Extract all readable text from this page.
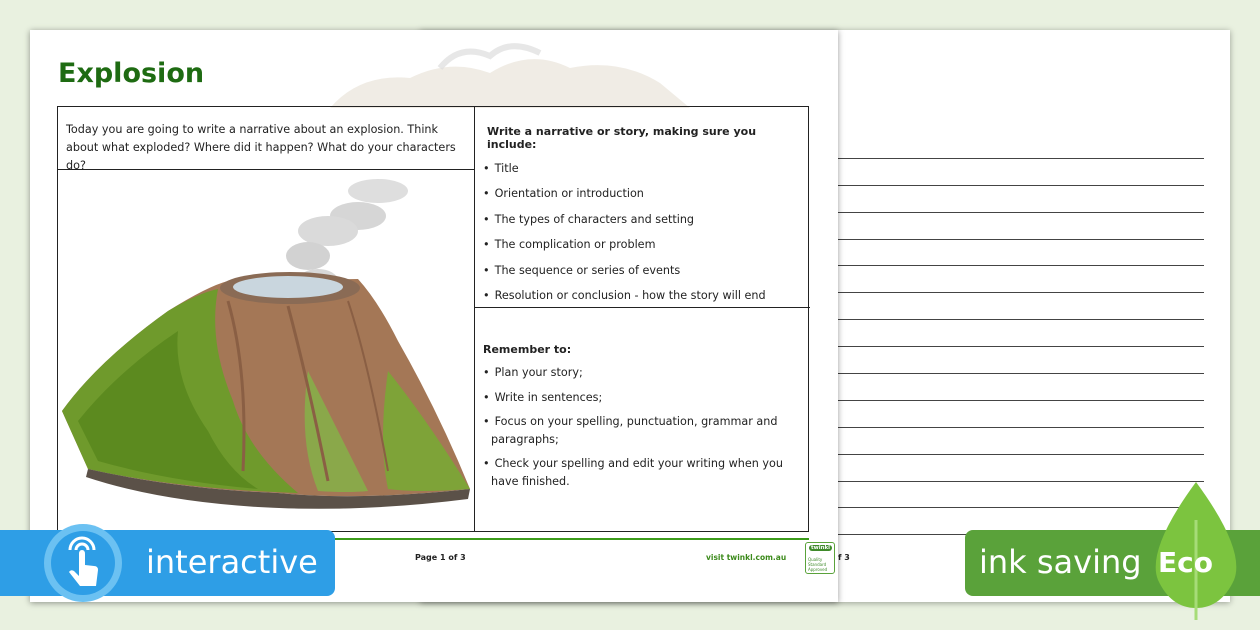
f 3
Explosion
Today you are going to write a narrative about an explosion. Think about what exploded? Where did it happen? What do your characters do?
Write a narrative or story, making sure you include:
• Title
• Orientation or introduction
• The types of characters and setting
• The complication or problem
• The sequence or series of events
• Resolution or conclusion - how the story will end
Remember to:
• Plan your story;
• Write in sentences;
• Focus on your spelling, punctuation, grammar and paragraphs;
• Check your spelling and edit your writing when you have finished.
Page 1 of 3	visit twinkl.com.au
twinkl
Quality Standard Approved
interactive	ink saving Eco
